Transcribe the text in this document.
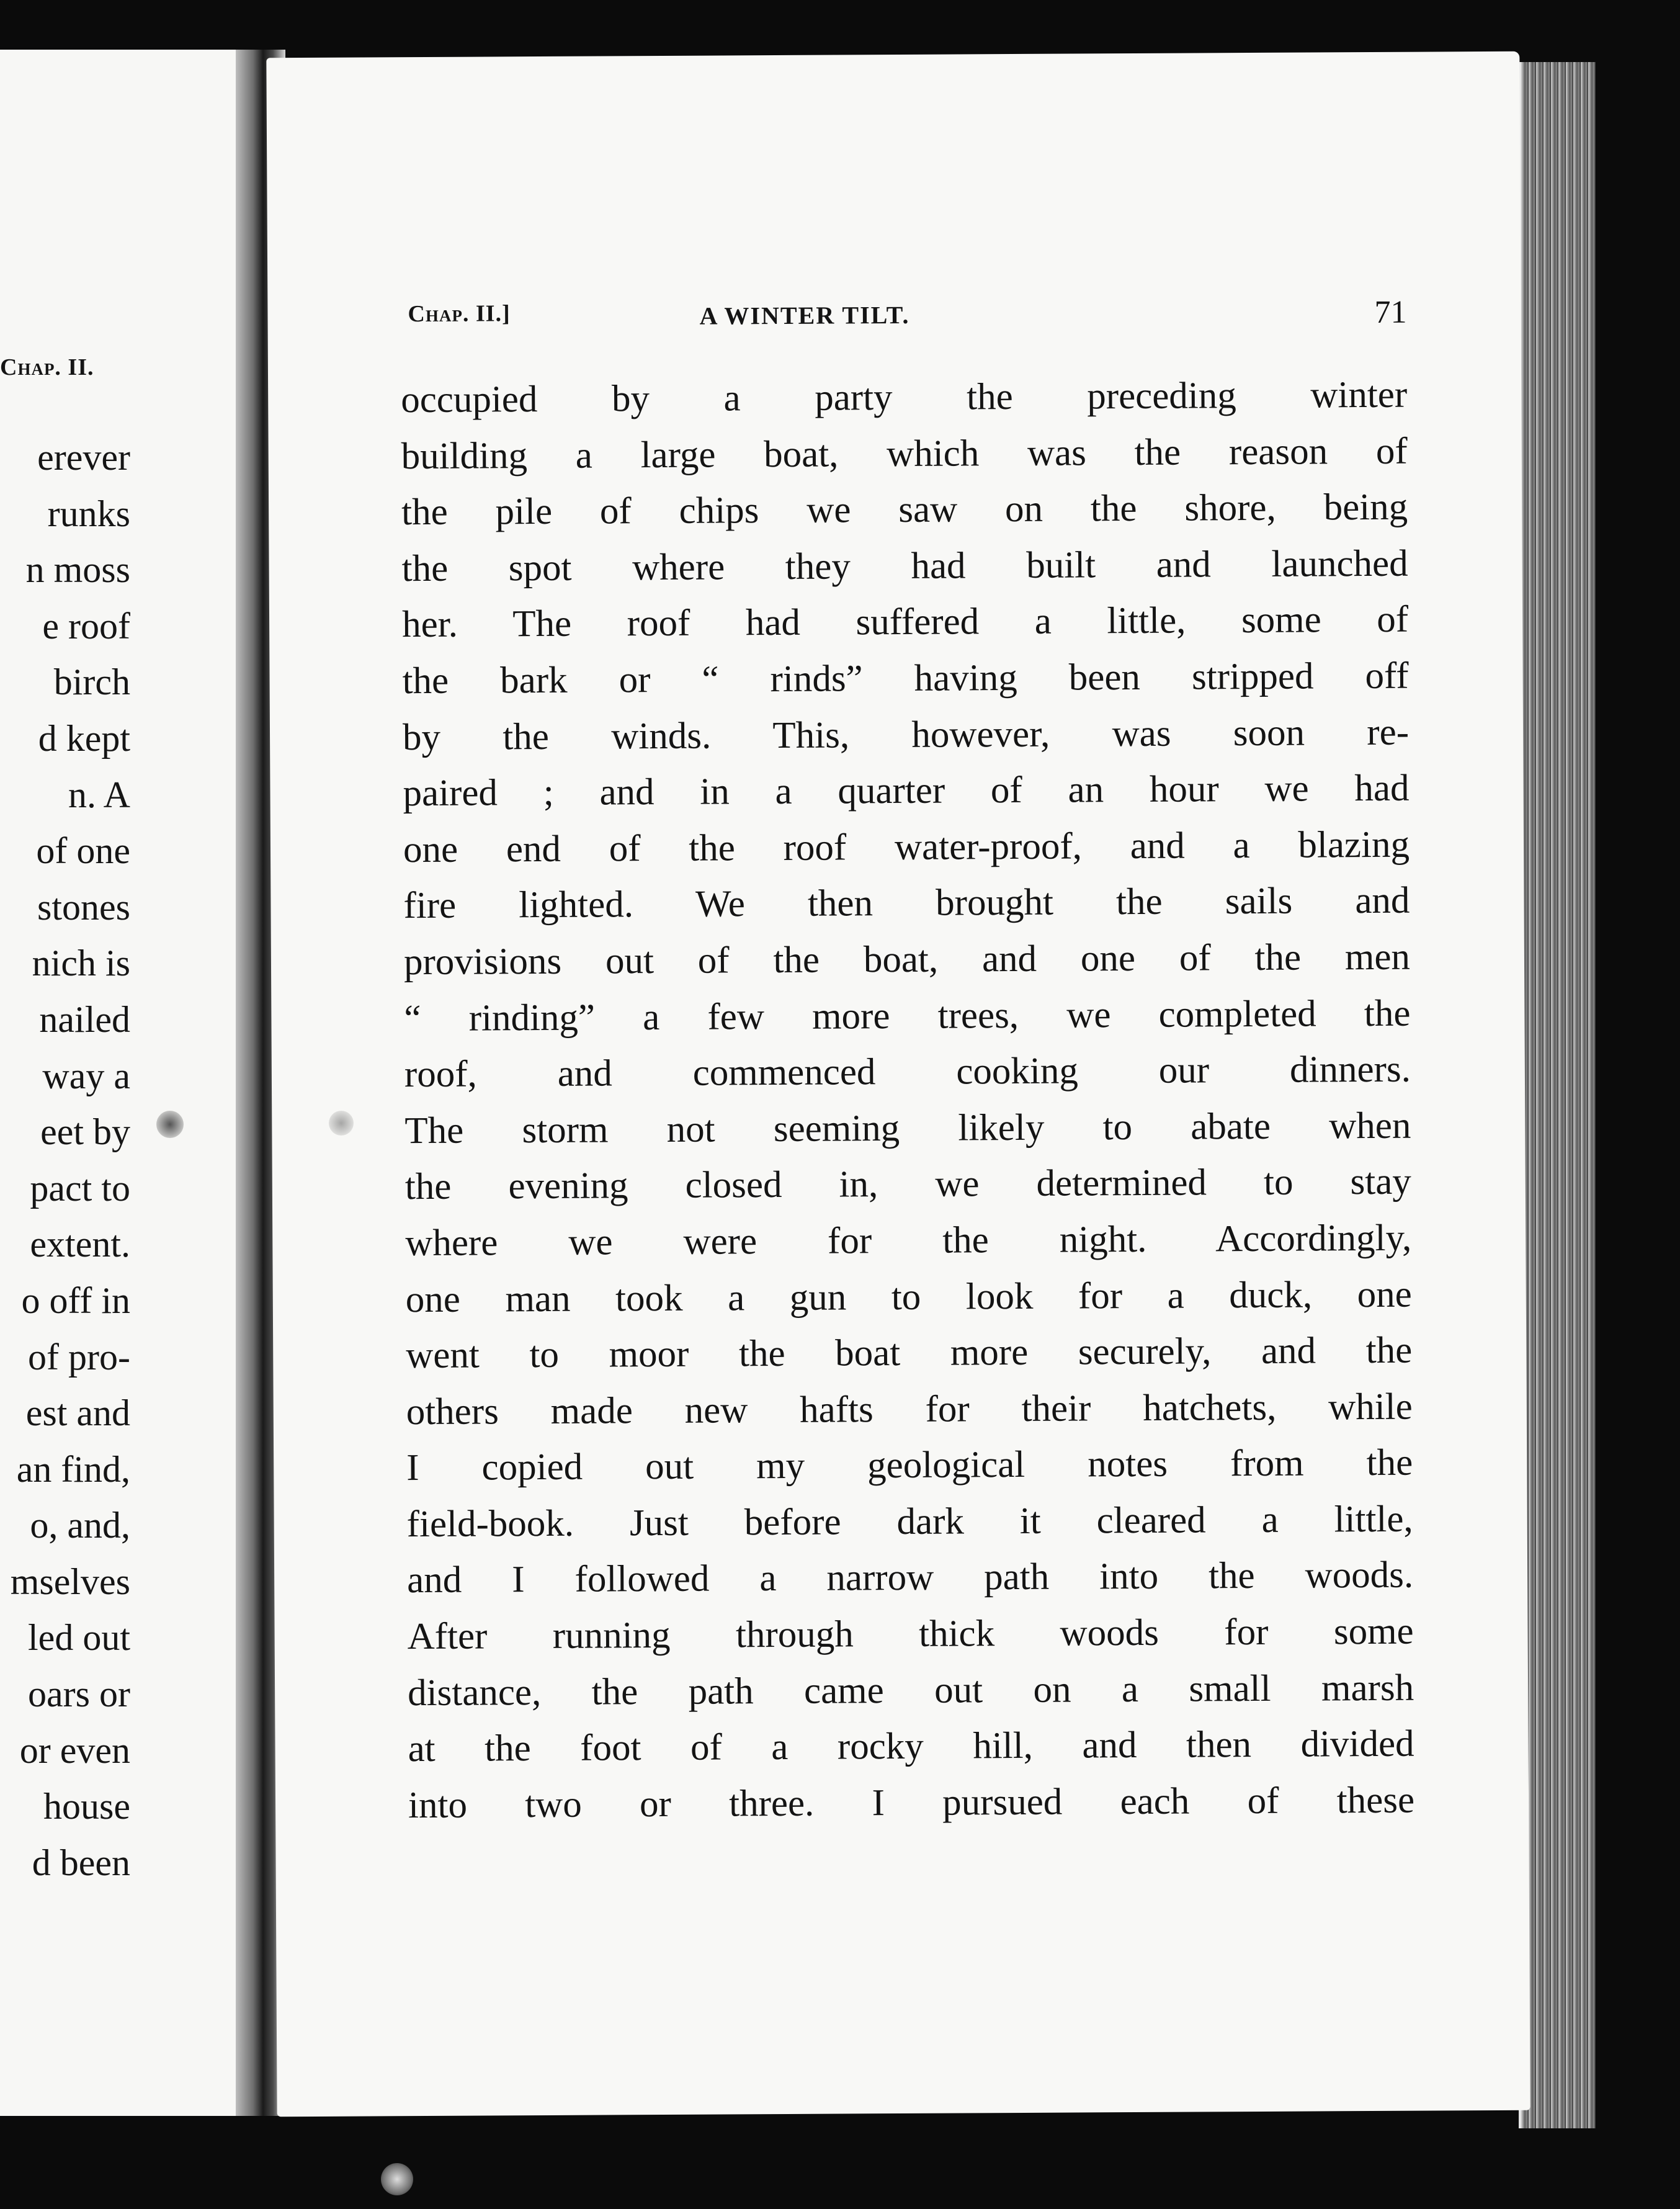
Chap. II.
erever
runks
n moss
e roof
birch
d kept
n. A
of one
stones
nich is
nailed
way a
eet by
pact to
extent.
o off in
of pro-
est and
an find,
o, and,
mselves
led out
oars or
or even
house
d been
Chap. II.]	A WINTER TILT.	71
occupied by a party the preceding winter
building a large boat, which was the reason of
the pile of chips we saw on the shore, being
the spot where they had built and launched
her. The roof had suffered a little, some of
the bark or “ rinds” having been stripped off
by the winds. This, however, was soon re-
paired ; and in a quarter of an hour we had
one end of the roof water-proof, and a blazing
fire lighted. We then brought the sails and
provisions out of the boat, and one of the men
“ rinding” a few more trees, we completed the
roof, and commenced cooking our dinners.
The storm not seeming likely to abate when
the evening closed in, we determined to stay
where we were for the night. Accordingly,
one man took a gun to look for a duck, one
went to moor the boat more securely, and the
others made new hafts for their hatchets, while
I copied out my geological notes from the
field-book. Just before dark it cleared a little,
and I followed a narrow path into the woods.
After running through thick woods for some
distance, the path came out on a small marsh
at the foot of a rocky hill, and then divided
into two or three. I pursued each of these
